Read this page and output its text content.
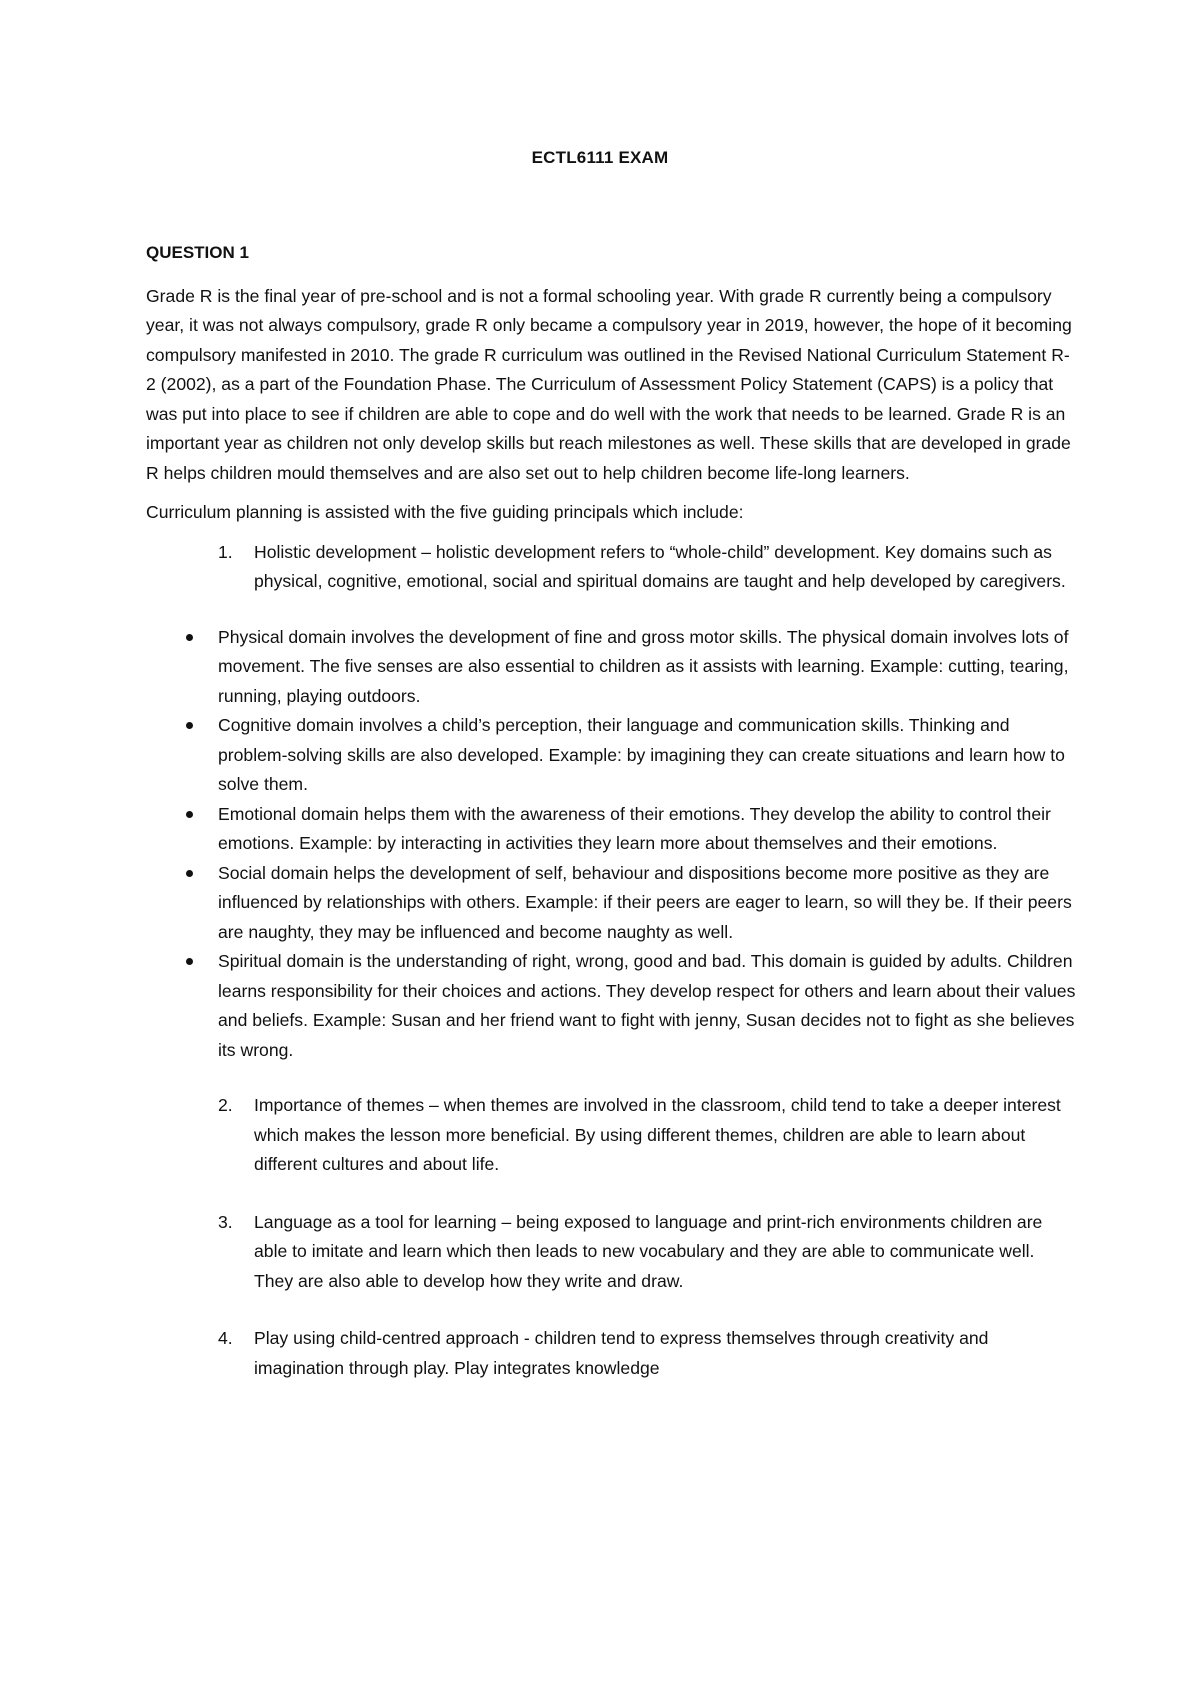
ECTL6111 EXAM

QUESTION 1

Grade R is the final year of pre-school and is not a formal schooling year. With grade R currently being a compulsory year, it was not always compulsory, grade R only became a compulsory year in 2019, however, the hope of it becoming compulsory manifested in 2010. The grade R curriculum was outlined in the Revised National Curriculum Statement R-2 (2002), as a part of the Foundation Phase. The Curriculum of Assessment Policy Statement (CAPS) is a policy that was put into place to see if children are able to cope and do well with the work that needs to be learned. Grade R is an important year as children not only develop skills but reach milestones as well. These skills that are developed in grade R helps children mould themselves and are also set out to help children become life-long learners.

Curriculum planning is assisted with the five guiding principals which include:

1. Holistic development – holistic development refers to “whole-child” development. Key domains such as physical, cognitive, emotional, social and spiritual domains are taught and help developed by caregivers.
Physical domain involves the development of fine and gross motor skills. The physical domain involves lots of movement. The five senses are also essential to children as it assists with learning. Example: cutting, tearing, running, playing outdoors.
Cognitive domain involves a child’s perception, their language and communication skills. Thinking and problem-solving skills are also developed. Example: by imagining they can create situations and learn how to solve them.
Emotional domain helps them with the awareness of their emotions. They develop the ability to control their emotions. Example: by interacting in activities they learn more about themselves and their emotions.
Social domain helps the development of self, behaviour and dispositions become more positive as they are influenced by relationships with others. Example: if their peers are eager to learn, so will they be. If their peers are naughty, they may be influenced and become naughty as well.
Spiritual domain is the understanding of right, wrong, good and bad. This domain is guided by adults. Children learns responsibility for their choices and actions. They develop respect for others and learn about their values and beliefs. Example: Susan and her friend want to fight with jenny, Susan decides not to fight as she believes its wrong.
2. Importance of themes – when themes are involved in the classroom, child tend to take a deeper interest which makes the lesson more beneficial. By using different themes, children are able to learn about different cultures and about life.
3. Language as a tool for learning – being exposed to language and print-rich environments children are able to imitate and learn which then leads to new vocabulary and they are able to communicate well. They are also able to develop how they write and draw.
4. Play using child-centred approach - children tend to express themselves through creativity and imagination through play. Play integrates knowledge
